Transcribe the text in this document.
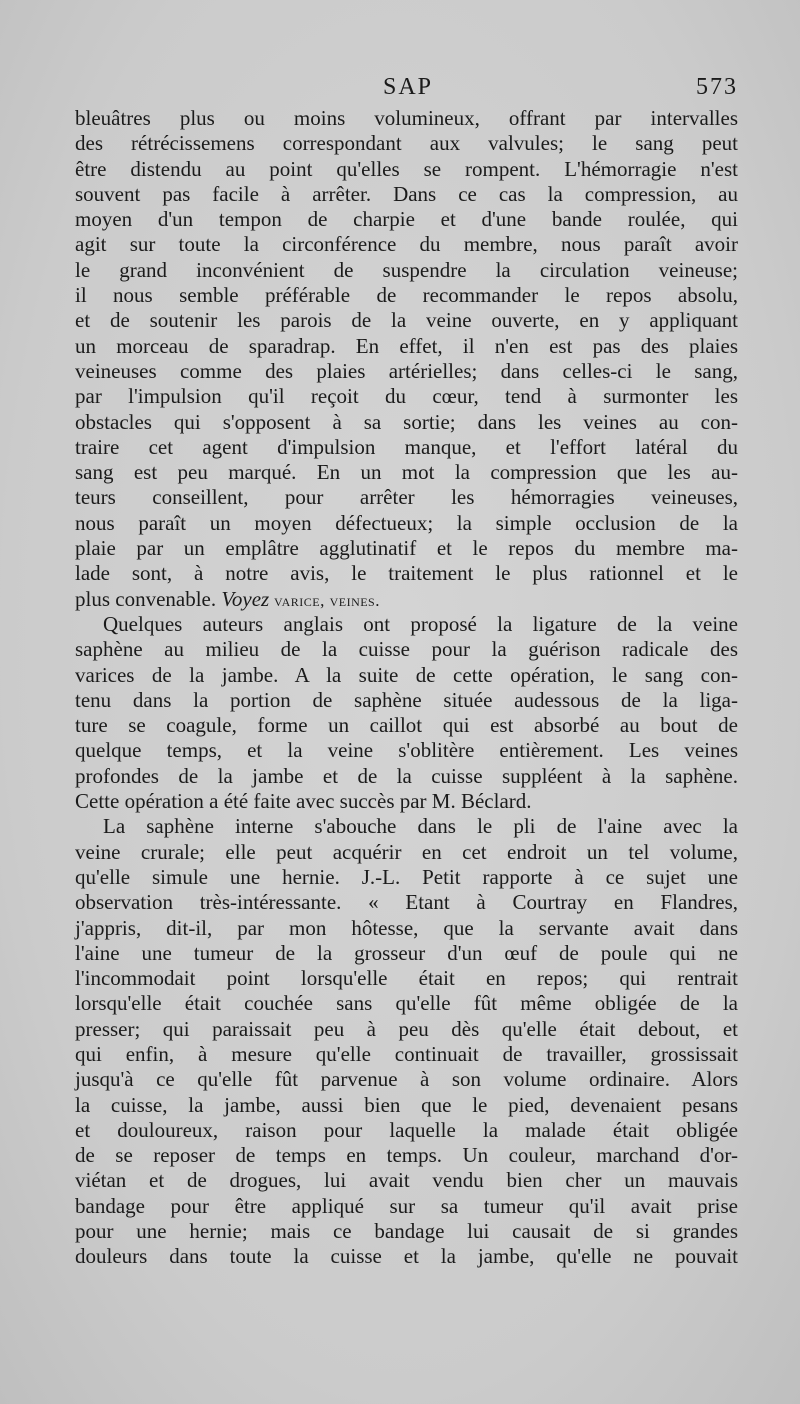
SAP	573
bleuâtres plus ou moins volumineux, offrant par intervalles
des rétrécissemens correspondant aux valvules; le sang peut
être distendu au point qu'elles se rompent. L'hémorragie n'est
souvent pas facile à arrêter. Dans ce cas la compression, au
moyen d'un tempon de charpie et d'une bande roulée, qui
agit sur toute la circonférence du membre, nous paraît avoir
le grand inconvénient de suspendre la circulation veineuse;
il nous semble préférable de recommander le repos absolu,
et de soutenir les parois de la veine ouverte, en y appliquant
un morceau de sparadrap. En effet, il n'en est pas des plaies
veineuses comme des plaies artérielles; dans celles-ci le sang,
par l'impulsion qu'il reçoit du cœur, tend à surmonter les
obstacles qui s'opposent à sa sortie; dans les veines au con-
traire cet agent d'impulsion manque, et l'effort latéral du
sang est peu marqué. En un mot la compression que les au-
teurs conseillent, pour arrêter les hémorragies veineuses,
nous paraît un moyen défectueux; la simple occlusion de la
plaie par un emplâtre agglutinatif et le repos du membre ma-
lade sont, à notre avis, le traitement le plus rationnel et le
plus convenable. Voyez varice, veines.
Quelques auteurs anglais ont proposé la ligature de la veine
saphène au milieu de la cuisse pour la guérison radicale des
varices de la jambe. A la suite de cette opération, le sang con-
tenu dans la portion de saphène située audessous de la liga-
ture se coagule, forme un caillot qui est absorbé au bout de
quelque temps, et la veine s'oblitère entièrement. Les veines
profondes de la jambe et de la cuisse suppléent à la saphène.
Cette opération a été faite avec succès par M. Béclard.
La saphène interne s'abouche dans le pli de l'aine avec la
veine crurale; elle peut acquérir en cet endroit un tel volume,
qu'elle simule une hernie. J.-L. Petit rapporte à ce sujet une
observation très-intéressante. « Etant à Courtray en Flandres,
j'appris, dit-il, par mon hôtesse, que la servante avait dans
l'aine une tumeur de la grosseur d'un œuf de poule qui ne
l'incommodait point lorsqu'elle était en repos; qui rentrait
lorsqu'elle était couchée sans qu'elle fût même obligée de la
presser; qui paraissait peu à peu dès qu'elle était debout, et
qui enfin, à mesure qu'elle continuait de travailler, grossissait
jusqu'à ce qu'elle fût parvenue à son volume ordinaire. Alors
la cuisse, la jambe, aussi bien que le pied, devenaient pesans
et douloureux, raison pour laquelle la malade était obligée
de se reposer de temps en temps. Un couleur, marchand d'or-
viétan et de drogues, lui avait vendu bien cher un mauvais
bandage pour être appliqué sur sa tumeur qu'il avait prise
pour une hernie; mais ce bandage lui causait de si grandes
douleurs dans toute la cuisse et la jambe, qu'elle ne pouvait
